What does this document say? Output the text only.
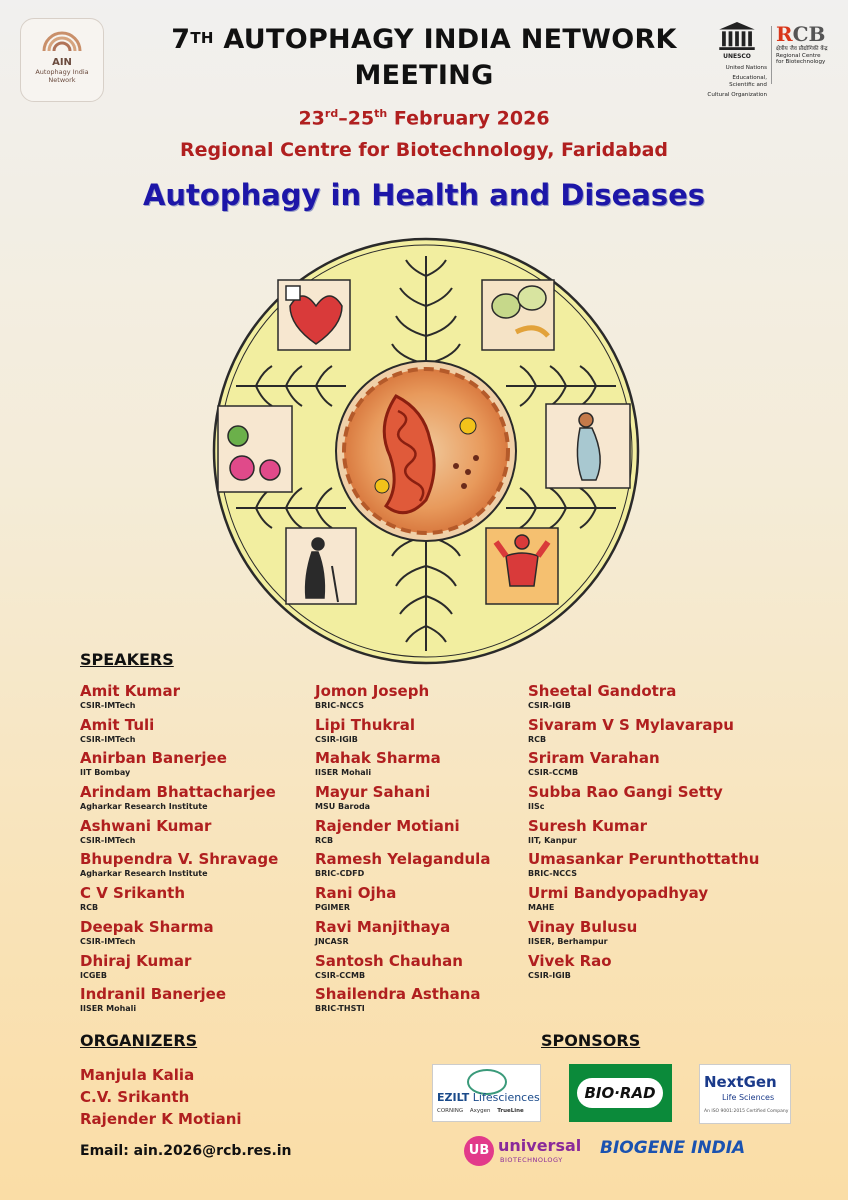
AIN
Autophagy India
Network
7TH AUTOPHAGY INDIA NETWORK
MEETING
UNESCO
United Nations
Educational, Scientific and
Cultural Organization
RCB
क्षेत्रीय जैव प्रौद्योगिकी केंद्र
Regional Centre
for Biotechnology
23rd–25th February 2026
Regional Centre for Biotechnology, Faridabad
Autophagy in Health and Diseases
SPEAKERS
Amit Kumar
CSIR-IMTech
Amit Tuli
CSIR-IMTech
Anirban Banerjee
IIT Bombay
Arindam Bhattacharjee
Agharkar Research Institute
Ashwani Kumar
CSIR-IMTech
Bhupendra V. Shravage
Agharkar Research Institute
C V Srikanth
RCB
Deepak Sharma
CSIR-IMTech
Dhiraj Kumar
ICGEB
Indranil Banerjee
IISER Mohali
Jomon Joseph
BRIC-NCCS
Lipi Thukral
CSIR-IGIB
Mahak Sharma
IISER Mohali
Mayur Sahani
MSU Baroda
Rajender Motiani
RCB
Ramesh Yelagandula
BRIC-CDFD
Rani Ojha
PGIMER
Ravi Manjithaya
JNCASR
Santosh Chauhan
CSIR-CCMB
Shailendra Asthana
BRIC-THSTI
Sheetal Gandotra
CSIR-IGIB
Sivaram V S Mylavarapu
RCB
Sriram Varahan
CSIR-CCMB
Subba Rao Gangi Setty
IISc
Suresh Kumar
IIT, Kanpur
Umasankar Perunthottathu
BRIC-NCCS
Urmi Bandyopadhyay
MAHE
Vinay Bulusu
IISER, Berhampur
Vivek Rao
CSIR-IGIB
ORGANIZERS
Manjula Kalia
C.V. Srikanth
Rajender K Motiani
Email: ain.2026@rcb.res.in
SPONSORS
EZILT Lifesciences
CORNING Axygen TrueLine
BIO·RAD
NextGen
Life Sciences
An ISO 9001:2015 Certified Company
UB universal
BIOTECHNOLOGY
BIOGENE INDIA
